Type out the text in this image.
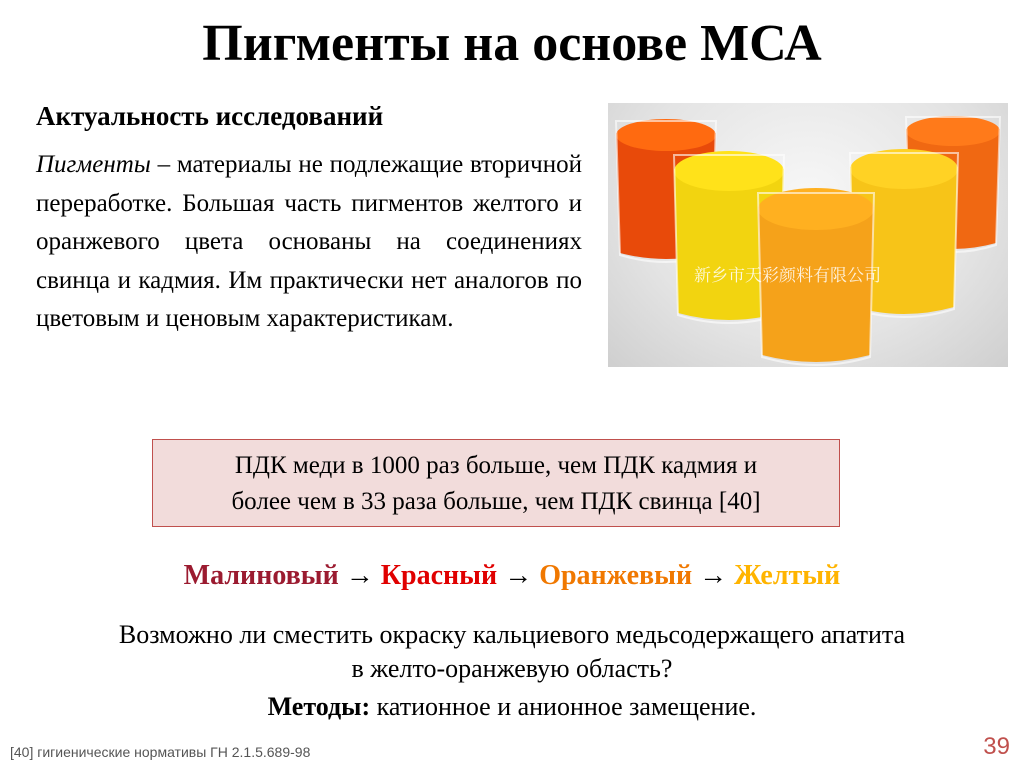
Пигменты на основе МСА
Актуальность исследований

Пигменты – материалы не подлежащие вторичной переработке. Большая часть пигментов желтого и оранжевого цвета основаны на соединениях свинца и кадмия. Им практически нет аналогов по цветовым и ценовым характеристикам.

新乡市天彩颜料有限公司
ПДК меди в 1000 раз больше, чем ПДК кадмия и
более чем в 33 раза больше, чем ПДК свинца [40]
Малиновый → Красный → Оранжевый → Желтый
Возможно ли сместить окраску кальциевого медьсодержащего апатита
в желто-оранжевую область?
Методы: катионное и анионное замещение.
[40] гигиенические нормативы ГН 2.1.5.689-98	39
